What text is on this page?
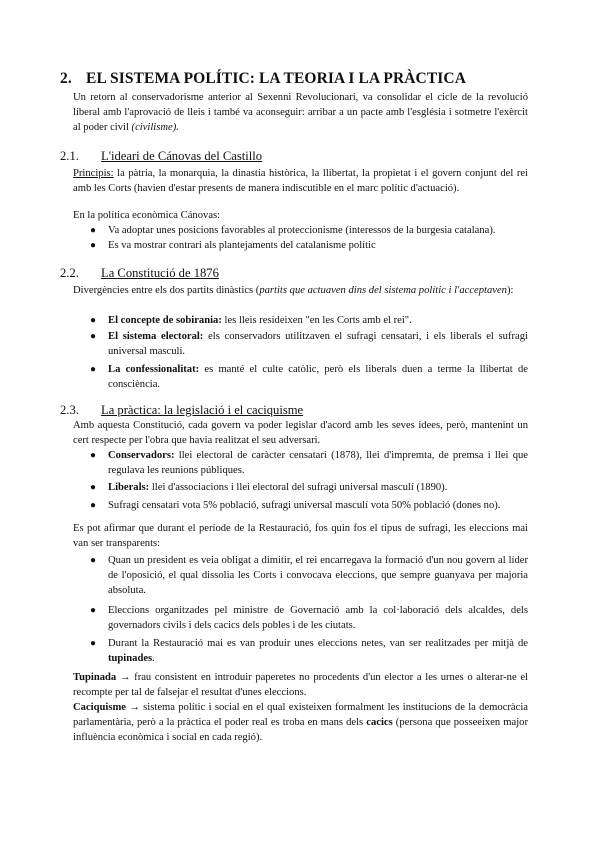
2. EL SISTEMA POLÍTIC: LA TEORIA I LA PRÀCTICA
Un retorn al conservadorisme anterior al Sexenni Revolucionari, va consolidar el cicle de la revolució liberal amb l'aprovació de lleis i també va aconseguir: arribar a un pacte amb l'església i sotmetre l'exèrcit al poder civil (civilisme).
2.1. L'ideari de Cánovas del Castillo
Principis: la pàtria, la monarquia, la dinastia històrica, la llibertat, la propietat i el govern conjunt del rei amb les Corts (havien d'estar presents de manera indiscutible en el marc polític d'actuació).
En la política econòmica Cánovas:
● Va adoptar unes posicions favorables al proteccionisme (interessos de la burgesia catalana).
● Es va mostrar contrari als plantejaments del catalanisme polític
2.2. La Constitució de 1876
Divergències entre els dos partits dinàstics (partits que actuaven dins del sistema polític i l'acceptaven):
● El concepte de sobirania: les lleis resideixen "en les Corts amb el rei".
● El sistema electoral: els conservadors utilitzaven el sufragi censatari, i els liberals el sufragi universal masculí.
● La confessionalitat: es manté el culte catòlic, però els liberals duen a terme la llibertat de consciència.
2.3. La pràctica: la legislació i el caciquisme
Amb aquesta Constitució, cada govern va poder legislar d'acord amb les seves idees, però, mantenint un cert respecte per l'obra que havia realitzat el seu adversari.
● Conservadors: llei electoral de caràcter censatari (1878), llei d'impremta, de premsa i llei que regulava les reunions públiques.
● Liberals: llei d'associacions i llei electoral del sufragi universal masculí (1890).
● Sufragi censatari vota 5% població, sufragi universal masculí vota 50% població (dones no).
Es pot afirmar que durant el període de la Restauració, fos quin fos el tipus de sufragi, les eleccions mai van ser transparents:
● Quan un president es veia obligat a dimitir, el rei encarregava la formació d'un nou govern al líder de l'oposició, el qual dissolia les Corts i convocava eleccions, que sempre guanyava per majoria absoluta.
● Eleccions organitzades pel ministre de Governació amb la col·laboració dels alcaldes, dels governadors civils i dels cacics dels pobles i de les ciutats.
● Durant la Restauració mai es van produir unes eleccions netes, van ser realitzades per mitjà de tupinades.
Tupinada → frau consistent en introduir paperetes no procedents d'un elector a les urnes o alterar-ne el recompte per tal de falsejar el resultat d'unes eleccions.
Caciquisme → sistema polític i social en el qual existeixen formalment les institucions de la democràcia parlamentària, però a la pràctica el poder real es troba en mans dels cacics (persona que posseeixen major influència econòmica i social en cada regió).
